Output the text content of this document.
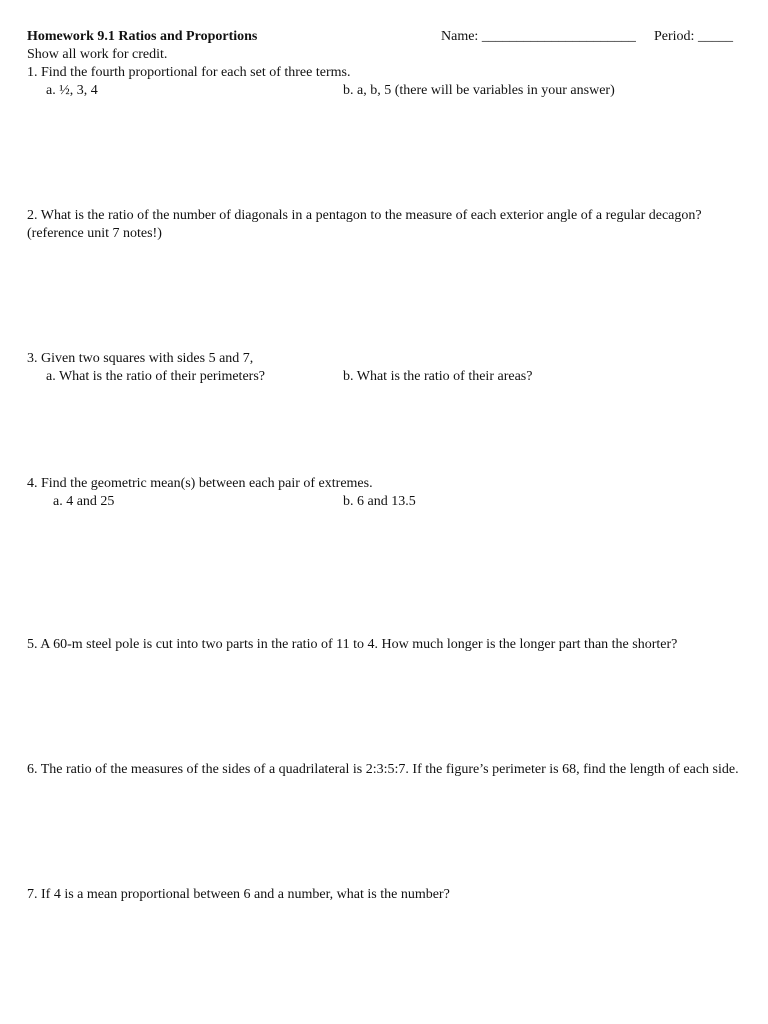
Homework 9.1 Ratios and Proportions	Name: ______________________ Period: _____
Show all work for credit.
1. Find the fourth proportional for each set of three terms.
a. ½, 3, 4	b. a, b, 5 (there will be variables in your answer)
2. What is the ratio of the number of diagonals in a pentagon to the measure of each exterior angle of a regular decagon? (reference unit 7 notes!)
3. Given two squares with sides 5 and 7,
a. What is the ratio of their perimeters?	b. What is the ratio of their areas?
4. Find the geometric mean(s) between each pair of extremes.
a. 4 and 25	b. 6 and 13.5
5. A 60-m steel pole is cut into two parts in the ratio of 11 to 4. How much longer is the longer part than the shorter?
6. The ratio of the measures of the sides of a quadrilateral is 2:3:5:7. If the figure’s perimeter is 68, find the length of each side.
7. If 4 is a mean proportional between 6 and a number, what is the number?
